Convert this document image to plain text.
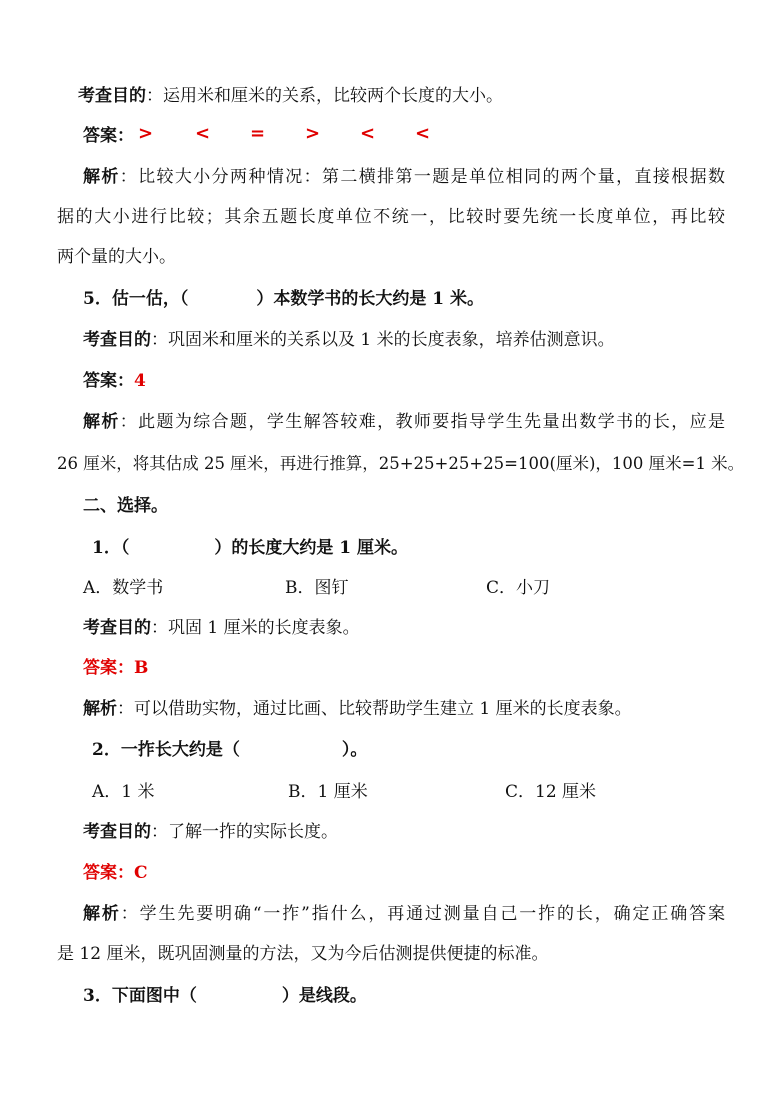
考查目的：运用米和厘米的关系，比较两个长度的大小。
答案： > < = > < <
解析：比较大小分两种情况：第二横排第一题是单位相同的两个量，直接根据数
据的大小进行比较；其余五题长度单位不统一，比较时要先统一长度单位，再比较
两个量的大小。
5．估一估，（　　　　）本数学书的长大约是 1 米。
考查目的：巩固米和厘米的关系以及 1 米的长度表象，培养估测意识。
答案：4
解析：此题为综合题，学生解答较难，教师要指导学生先量出数学书的长，应是
26 厘米，将其估成 25 厘米，再进行推算，25+25+25+25=100(厘米)，100 厘米=1 米。
二、选择。
1．（　　　　　）的长度大约是 1 厘米。
A．数学书	B．图钉	C．小刀
考查目的：巩固 1 厘米的长度表象。
答案：B
解析：可以借助实物，通过比画、比较帮助学生建立 1 厘米的长度表象。
2．一拃长大约是（　　　　　　）。
A．1 米	B．1 厘米	C．12 厘米
考查目的：了解一拃的实际长度。
答案：C
解析：学生先要明确“一拃”指什么，再通过测量自己一拃的长，确定正确答案
是 12 厘米，既巩固测量的方法，又为今后估测提供便捷的标准。
3．下面图中（　　　　　）是线段。
